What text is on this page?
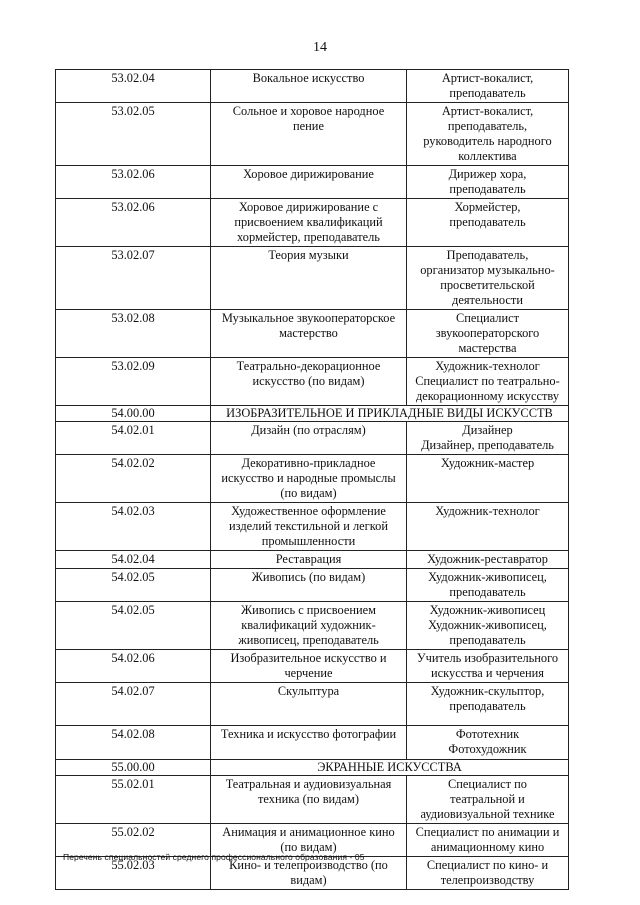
14
53.02.04	Вокальное искусство	Артист-вокалист,
преподаватель
53.02.05	Сольное и хоровое народное
пение	Артист-вокалист,
преподаватель,
руководитель народного
коллектива
53.02.06	Хоровое дирижирование	Дирижер хора,
преподаватель
53.02.06	Хоровое дирижирование с
присвоением квалификаций
хормейстер, преподаватель	Хормейстер,
преподаватель
53.02.07	Теория музыки	Преподаватель,
организатор музыкально-
просветительской
деятельности
53.02.08	Музыкальное звукооператорское
мастерство	Специалист
звукооператорского
мастерства
53.02.09	Театрально-декорационное
искусство (по видам)	Художник-технолог
Специалист по театрально-
декорационному искусству
54.00.00	ИЗОБРАЗИТЕЛЬНОЕ И ПРИКЛАДНЫЕ ВИДЫ ИСКУССТВ	
54.02.01	Дизайн (по отраслям)	Дизайнер
Дизайнер, преподаватель
54.02.02	Декоративно-прикладное
искусство и народные промыслы
(по видам)	Художник-мастер
54.02.03	Художественное оформление
изделий текстильной и легкой
промышленности	Художник-технолог
54.02.04	Реставрация	Художник-реставратор
54.02.05	Живопись (по видам)	Художник-живописец,
преподаватель
54.02.05	Живопись с присвоением
квалификаций художник-
живописец, преподаватель	Художник-живописец
Художник-живописец,
преподаватель
54.02.06	Изобразительное искусство и
черчение	Учитель изобразительного
искусства и черчения
54.02.07	Скульптура	Художник-скульптор,
преподаватель
54.02.08	Техника и искусство фотографии	Фототехник
Фотохудожник
55.00.00	ЭКРАННЫЕ ИСКУССТВА	
55.02.01	Театральная и аудиовизуальная
техника (по видам)	Специалист по
театральной и
аудиовизуальной технике
55.02.02	Анимация и анимационное кино
(по видам)	Специалист по анимации и
анимационному кино
55.02.03	Кино- и телепроизводство (по
видам)	Специалист по кино- и
телепроизводству
Перечень специальностей среднего профессионального образования - 05
